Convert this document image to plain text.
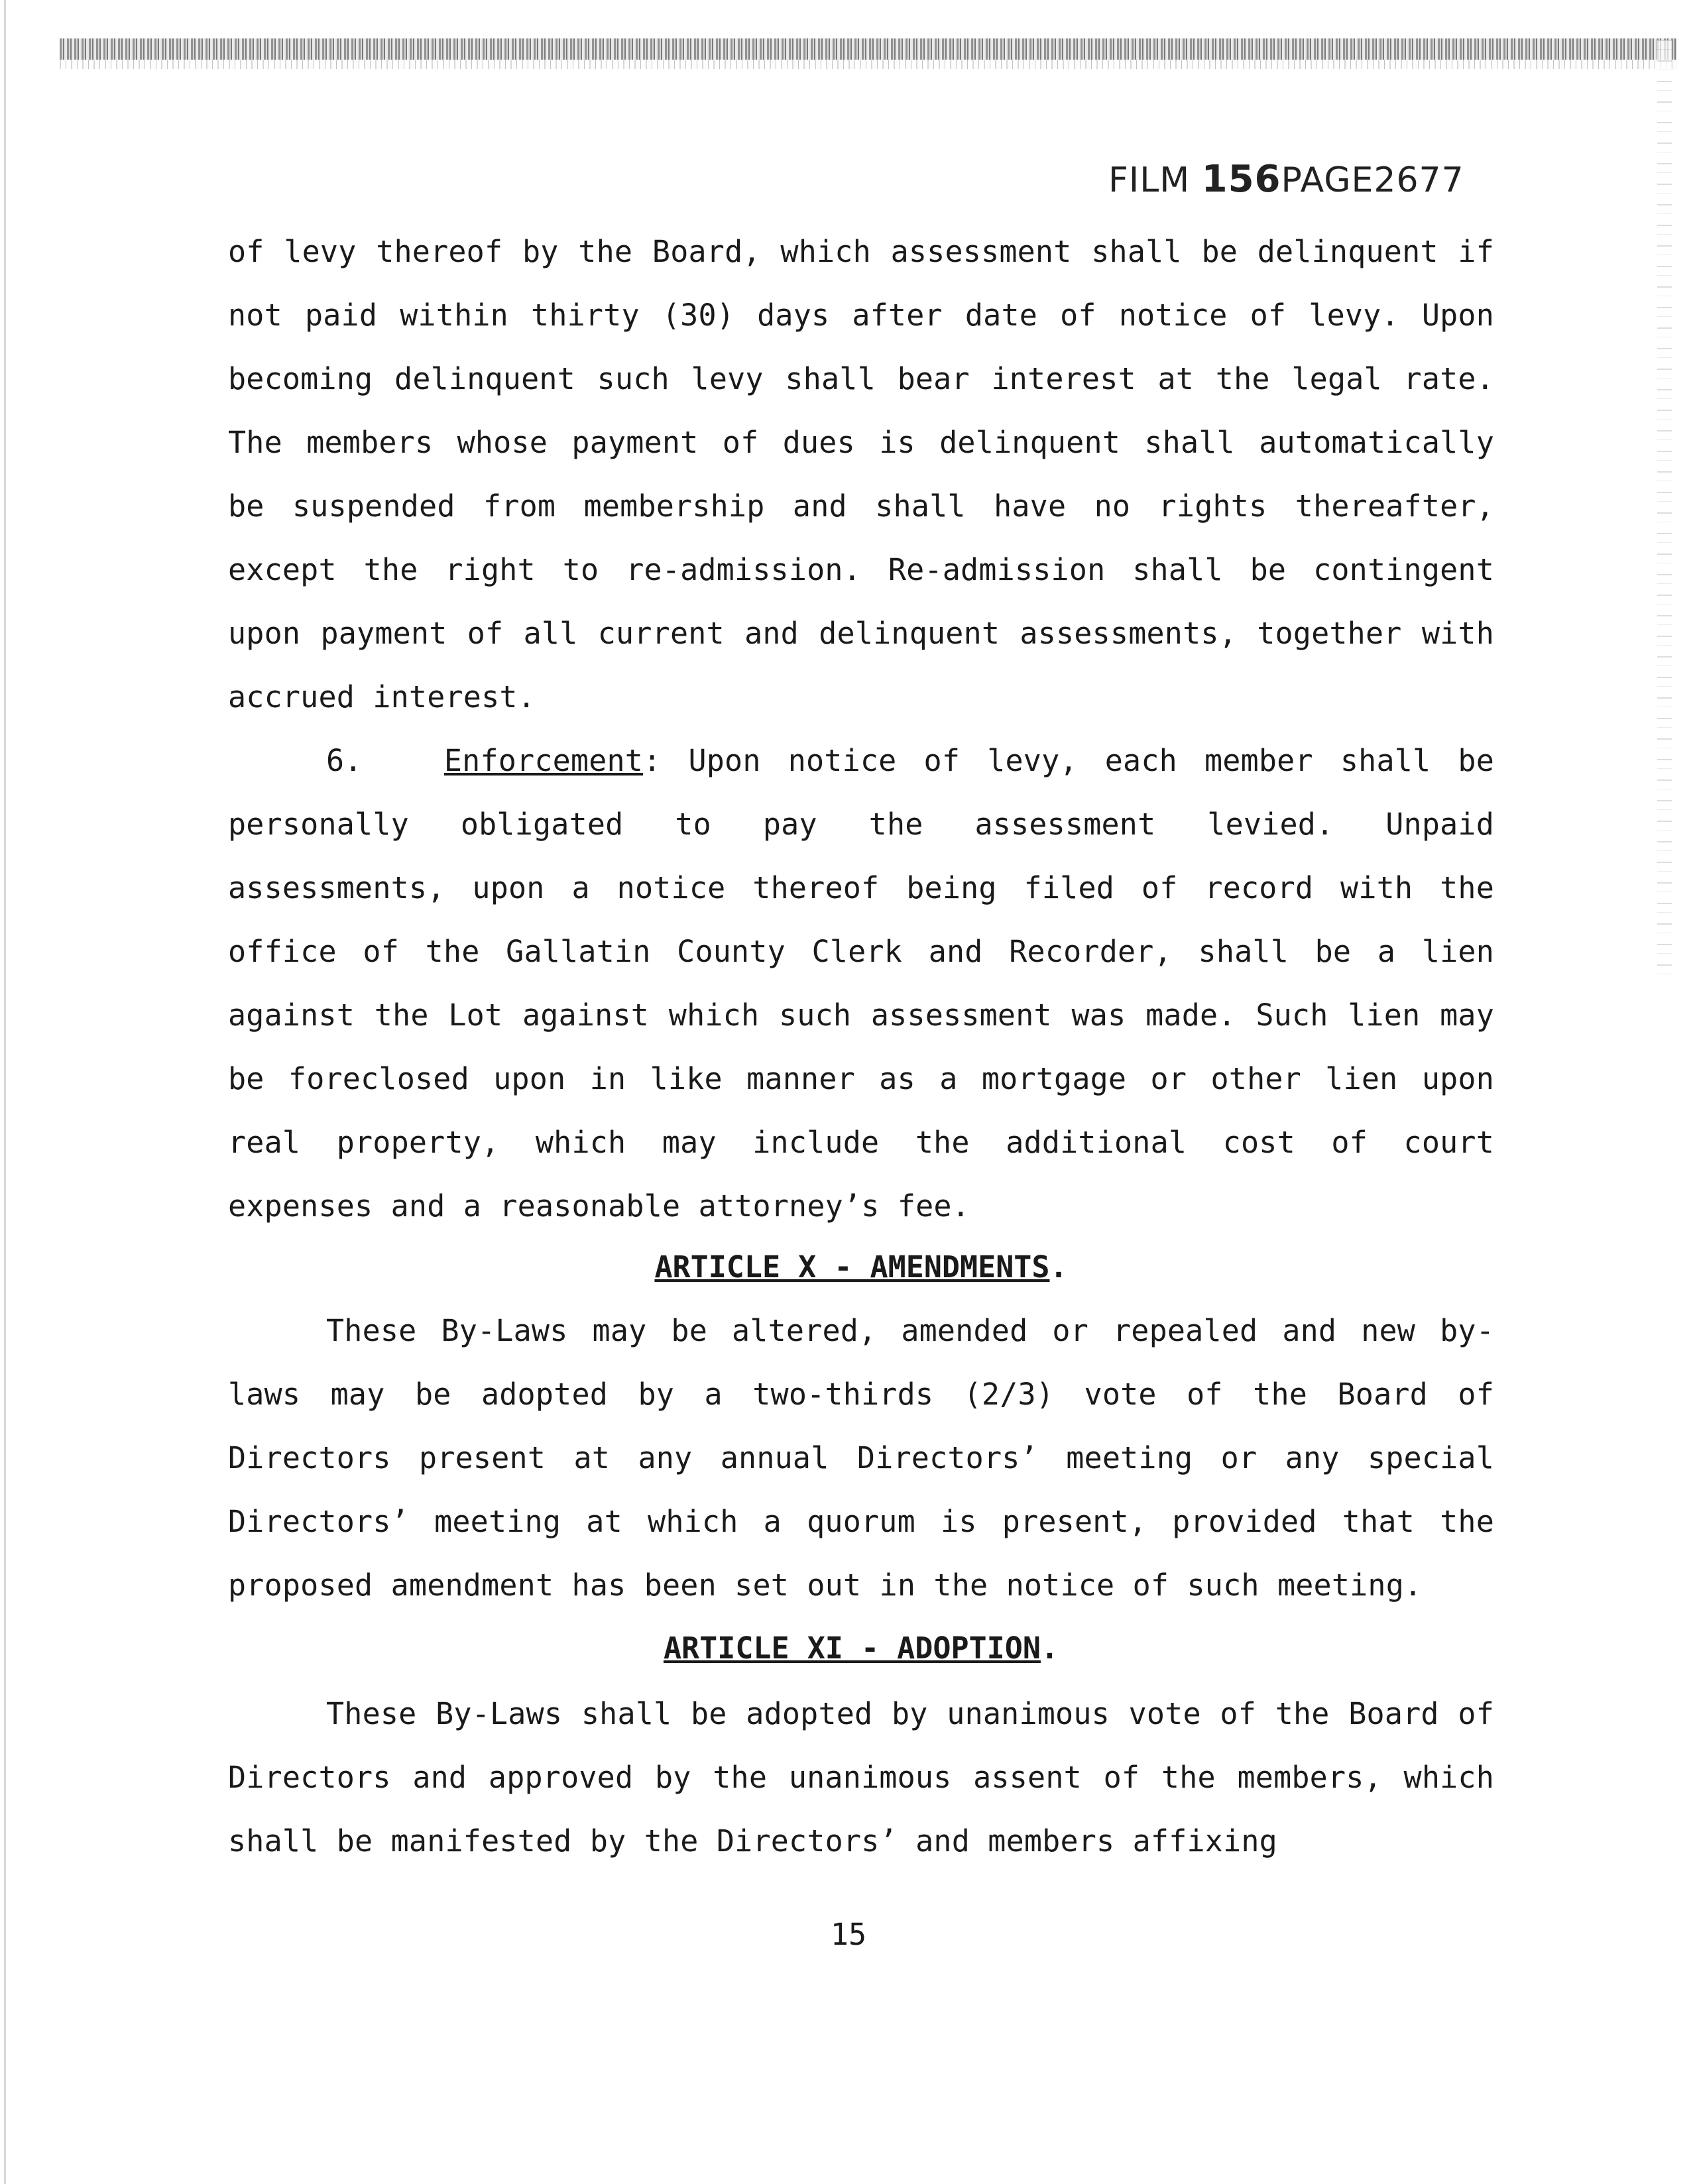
FILM 156PAGE2677

of levy thereof by the Board, which assessment shall be delinquent if not paid within thirty (30) days after date of notice of levy. Upon becoming delinquent such levy shall bear interest at the legal rate. The members whose payment of dues is delinquent shall automatically be suspended from membership and shall have no rights thereafter, except the right to re-admission. Re-admission shall be contingent upon payment of all current and delinquent assessments, together with accrued interest.

6.	Enforcement: Upon notice of levy, each member shall be personally obligated to pay the assessment levied. Unpaid assessments, upon a notice thereof being filed of record with the office of the Gallatin County Clerk and Recorder, shall be a lien against the Lot against which such assessment was made. Such lien may be foreclosed upon in like manner as a mortgage or other lien upon real property, which may include the additional cost of court expenses and a reasonable attorney’s fee.

ARTICLE X - AMENDMENTS.

These By-Laws may be altered, amended or repealed and new by-laws may be adopted by a two-thirds (2/3) vote of the Board of Directors present at any annual Directors’ meeting or any special Directors’ meeting at which a quorum is present, provided that the proposed amendment has been set out in the notice of such meeting.

ARTICLE XI - ADOPTION.

These By-Laws shall be adopted by unanimous vote of the Board of Directors and approved by the unanimous assent of the members, which shall be manifested by the Directors’ and members affixing

15
